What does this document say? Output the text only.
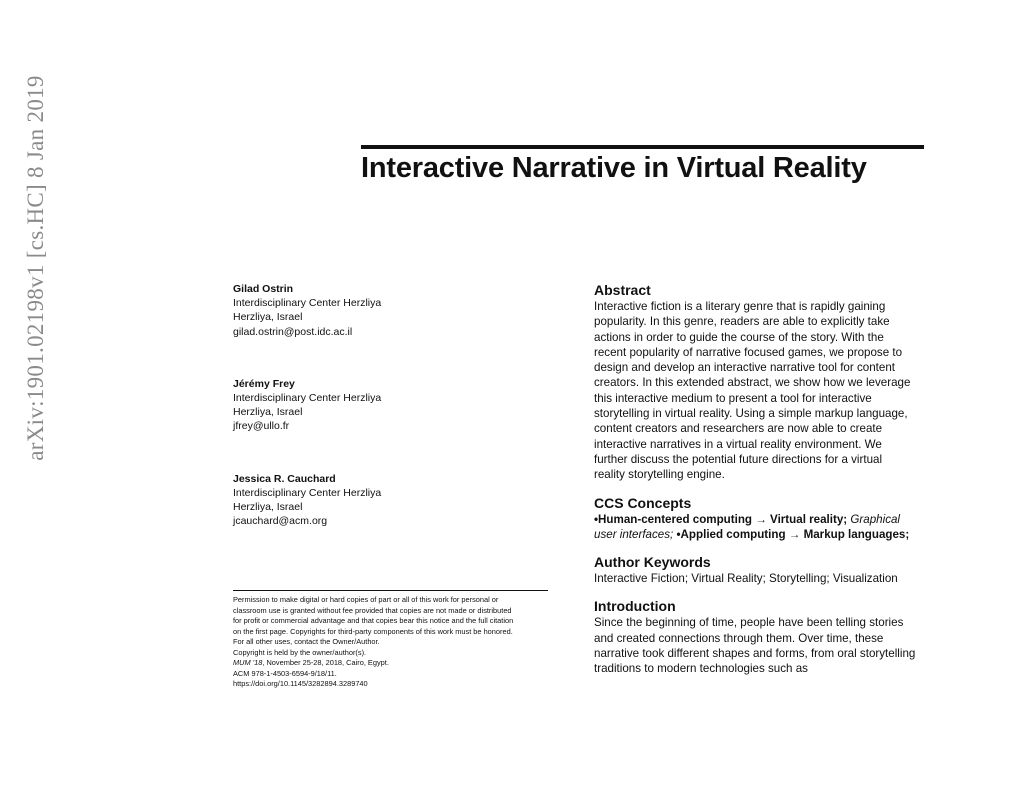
arXiv:1901.02198v1 [cs.HC] 8 Jan 2019	Interactive Narrative in Virtual Reality
Gilad Ostrin
Interdisciplinary Center Herzliya
Herzliya, Israel
gilad.ostrin@post.idc.ac.il
Jérémy Frey
Interdisciplinary Center Herzliya
Herzliya, Israel
jfrey@ullo.fr
Jessica R. Cauchard
Interdisciplinary Center Herzliya
Herzliya, Israel
jcauchard@acm.org
Permission to make digital or hard copies of part or all of this work for personal or
classroom use is granted without fee provided that copies are not made or distributed
for profit or commercial advantage and that copies bear this notice and the full citation
on the first page. Copyrights for third-party components of this work must be honored.
For all other uses, contact the Owner/Author.
Copyright is held by the owner/author(s).
MUM '18, November 25-28, 2018, Cairo, Egypt.
ACM 978-1-4503-6594-9/18/11.
https://doi.org/10.1145/3282894.3289740
Abstract

Interactive fiction is a literary genre that is rapidly gaining popularity. In this genre, readers are able to explicitly take actions in order to guide the course of the story. With the recent popularity of narrative focused games, we propose to design and develop an interactive narrative tool for content creators. In this extended abstract, we show how we leverage this interactive medium to present a tool for interactive storytelling in virtual reality. Using a simple markup language, content creators and researchers are now able to create interactive narratives in a virtual reality environment. We further discuss the potential future directions for a virtual reality storytelling engine.

CCS Concepts

•Human-centered computing → Virtual reality; Graphical user interfaces; •Applied computing → Markup languages;

Author Keywords

Interactive Fiction; Virtual Reality; Storytelling; Visualization

Introduction

Since the beginning of time, people have been telling stories and created connections through them. Over time, these narrative took different shapes and forms, from oral storytelling traditions to modern technologies such as
